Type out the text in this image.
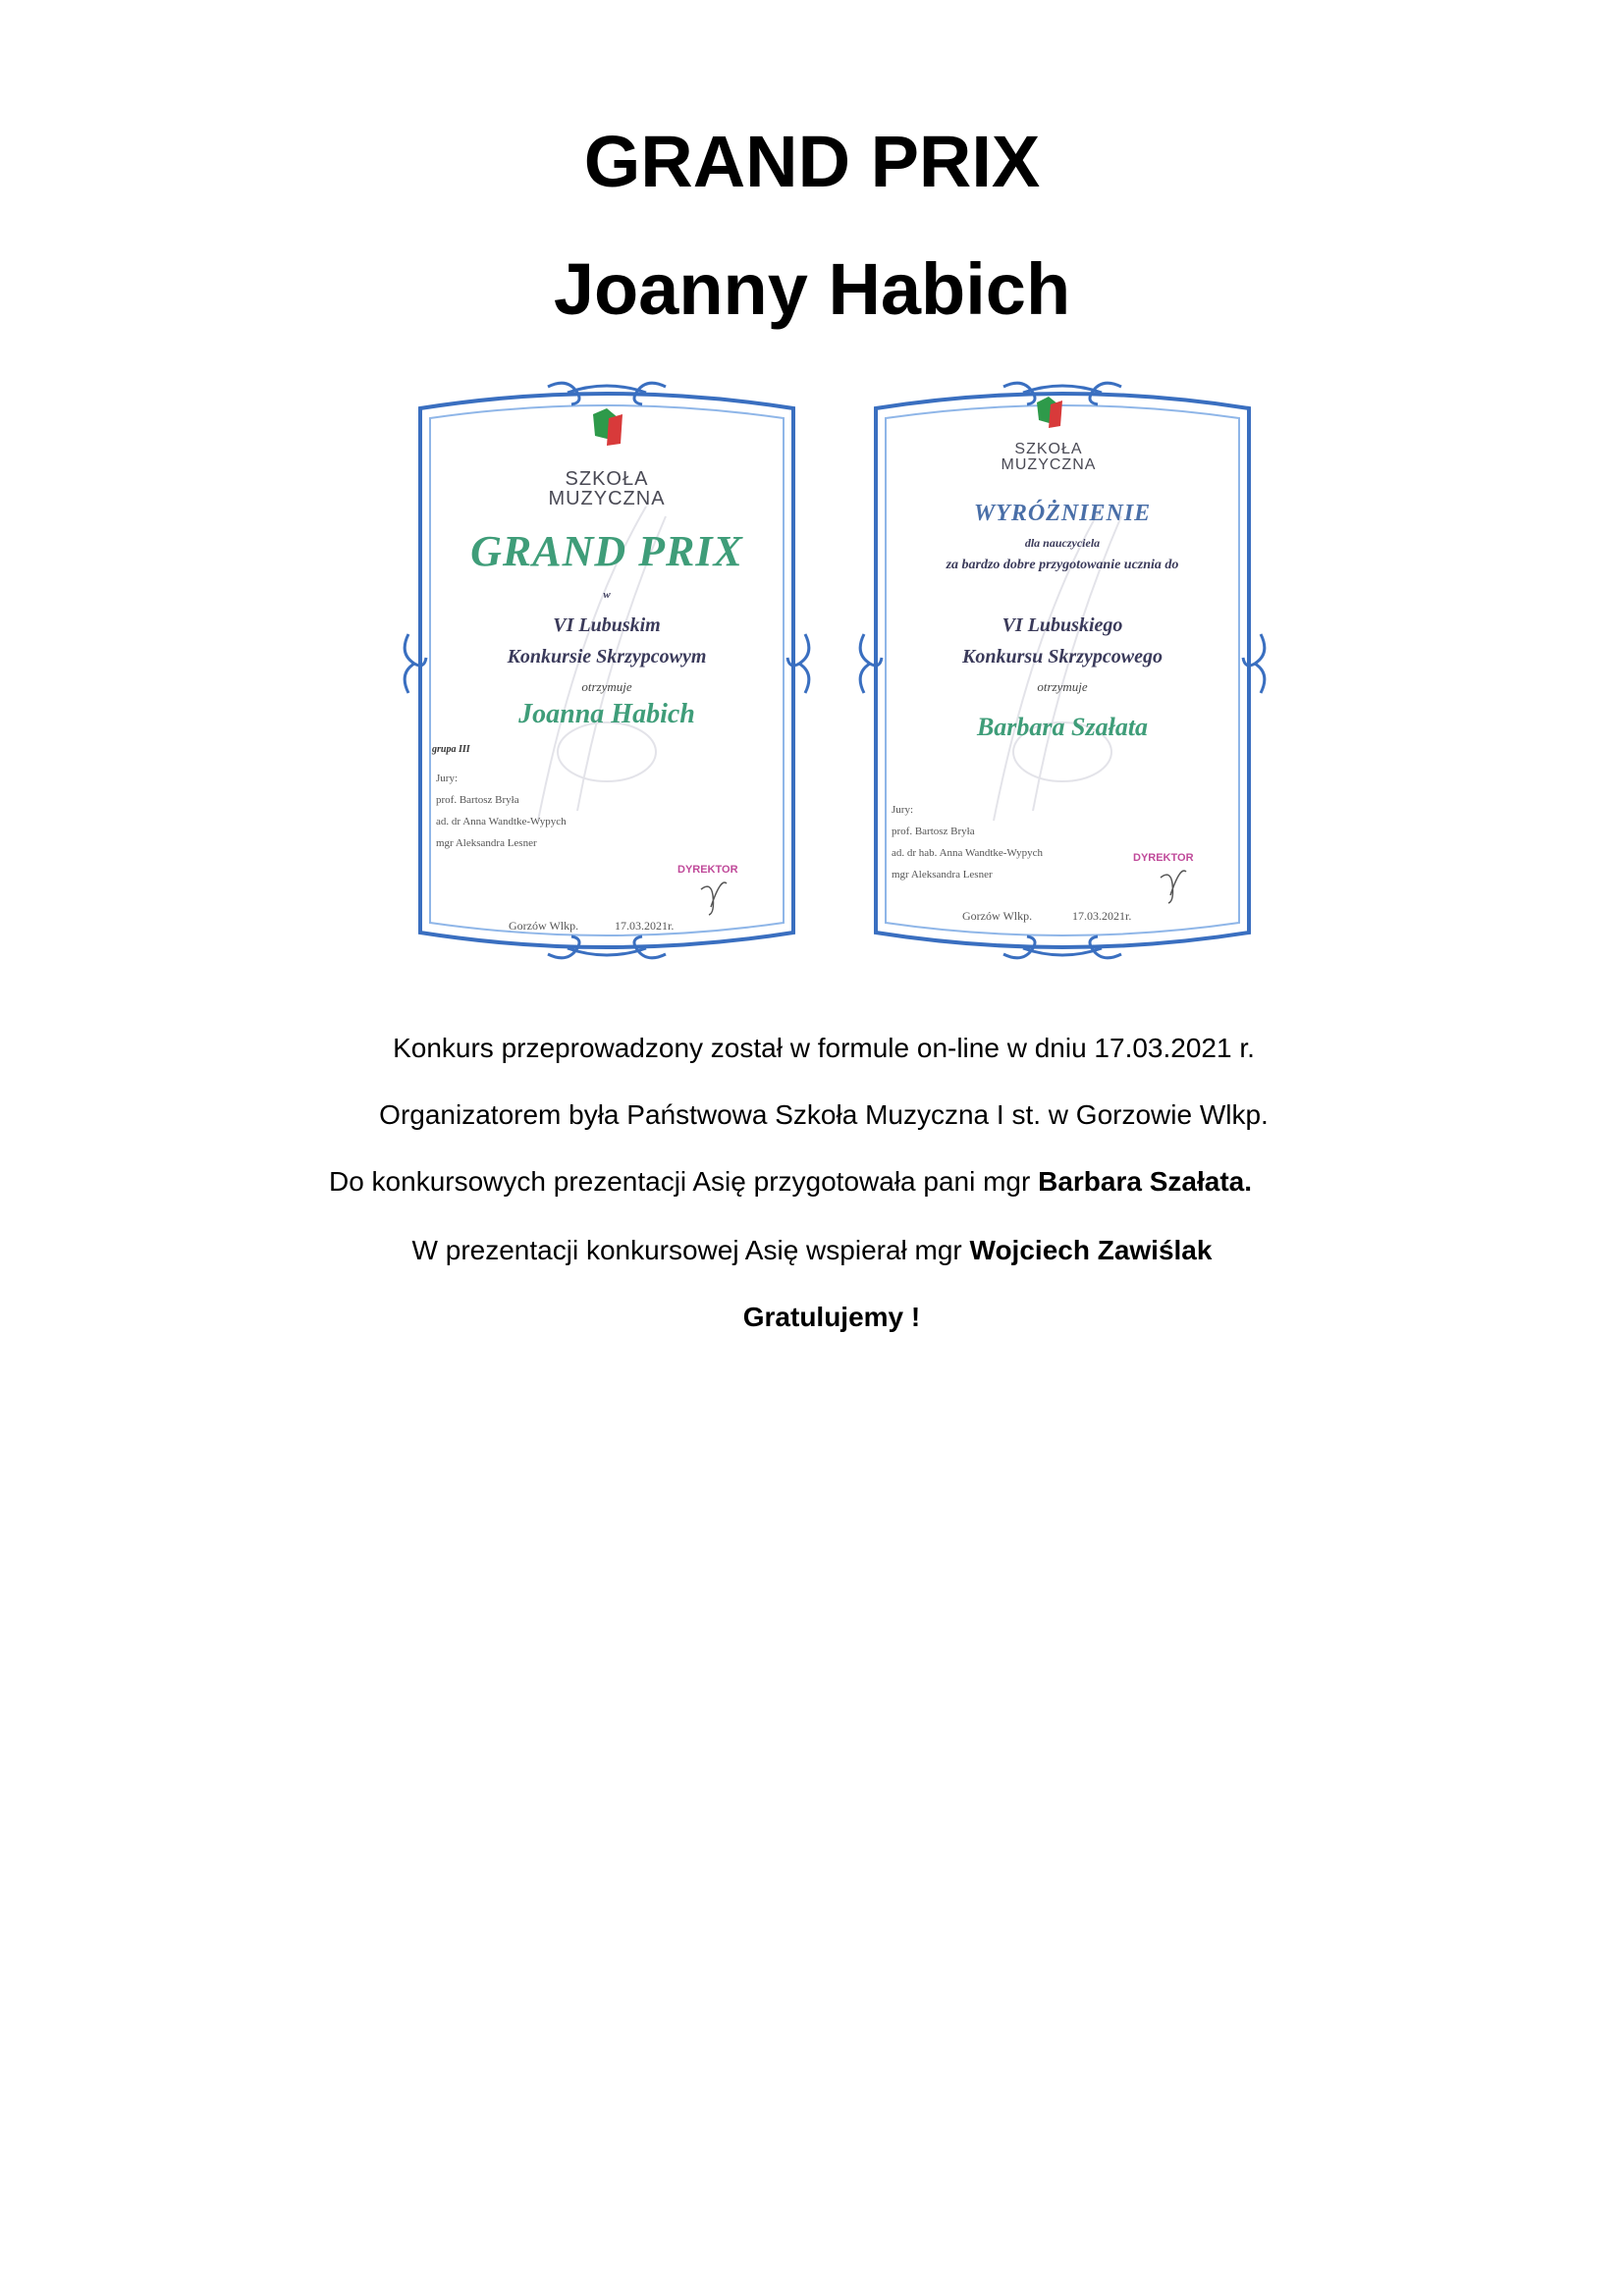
GRAND PRIX
Joanny Habich
SZKOŁA
MUZYCZNA
GRAND PRIX
w
VI Lubuskim
Konkursie Skrzypcowym
otrzymuje
Joanna Habich
grupa III
Jury:
prof. Bartosz Bryła
ad. dr Anna Wandtke-Wypych
mgr Aleksandra Lesner
DYREKTOR
Gorzów Wlkp.	17.03.2021r.
SZKOŁA
MUZYCZNA
WYRÓŻNIENIE
dla nauczyciela
za bardzo dobre przygotowanie ucznia do
VI Lubuskiego
Konkursu Skrzypcowego
otrzymuje
Barbara Szałata
Jury:
prof. Bartosz Bryła
ad. dr hab. Anna Wandtke-Wypych
mgr Aleksandra Lesner
DYREKTOR
Gorzów Wlkp.	17.03.2021r.
Konkurs przeprowadzony został w formule on-line w dniu 17.03.2021 r.
Organizatorem była Państwowa Szkoła Muzyczna I st. w Gorzowie Wlkp.
Do konkursowych prezentacji Asię przygotowała pani mgr Barbara Szałata.
W prezentacji konkursowej Asię wspierał mgr Wojciech Zawiślak
Gratulujemy !
